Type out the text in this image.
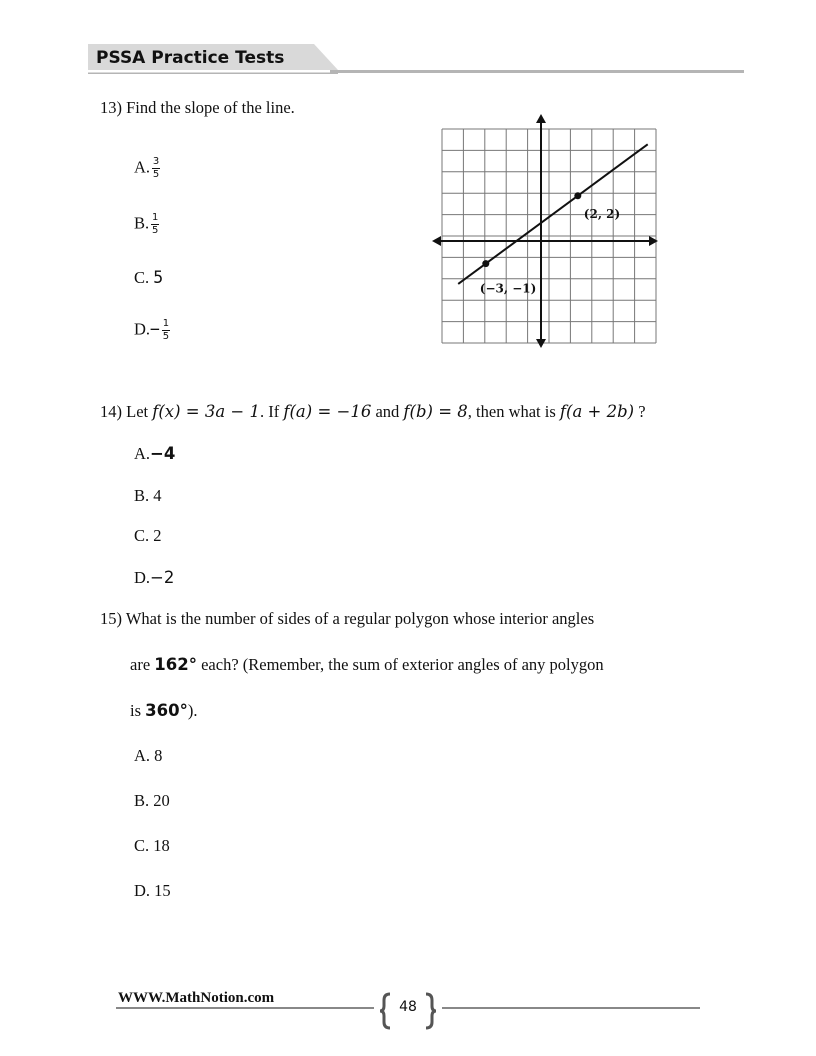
PSSA Practice Tests
13) Find the slope of the line.
A. $\frac{3}{5}$
B. $\frac{1}{5}$
C. 5
$D.- \frac{1}{5}$
(2, 2)
(−3, −1)
14) Let f(x) = 3a − 1. If f(a) = −16 and f(b) = 8, then what is f(a + 2b) ?
A.−4
B. 4
C. 2
D.−2
15) What is the number of sides of a regular polygon whose interior angles
are 162° each? (Remember, the sum of exterior angles of any polygon
is 360°).
A. 8
B. 20
C. 18
D. 15
WWW.MathNotion.com
48
